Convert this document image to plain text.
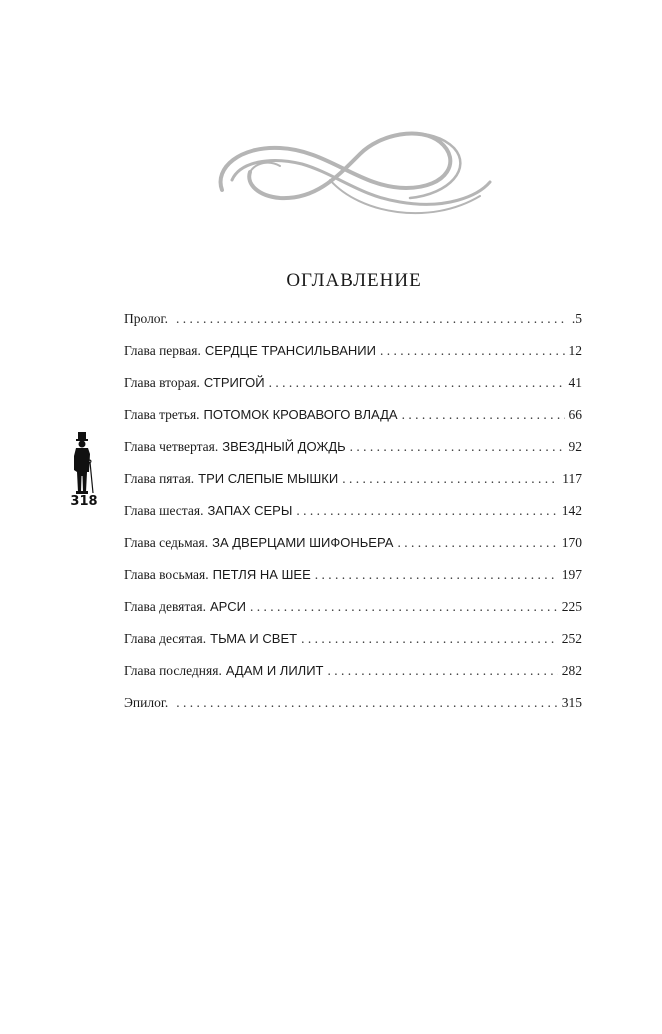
ОГЛАВЛЕНИЕ
Пролог. . . .	.5
Глава первая. СЕРДЦЕ ТРАНСИЛЬВАНИИ . . .	12
Глава вторая. СТРИГОЙ . . .	41
Глава третья. ПОТОМОК КРОВАВОГО ВЛАДА . . .	66
Глава четвертая. ЗВЕЗДНЫЙ ДОЖДЬ . . .	92
Глава пятая. ТРИ СЛЕПЫЕ МЫШКИ . . .	117
Глава шестая. ЗАПАХ СЕРЫ . . .	142
Глава седьмая. ЗА ДВЕРЦАМИ ШИФОНЬЕРА . . .	170
Глава восьмая. ПЕТЛЯ НА ШЕЕ . . .	197
Глава девятая. АРСИ . . .	225
Глава десятая. ТЬМА И СВЕТ . . .	252
Глава последняя. АДАМ И ЛИЛИТ . . .	282
Эпилог. . . .	315

318
